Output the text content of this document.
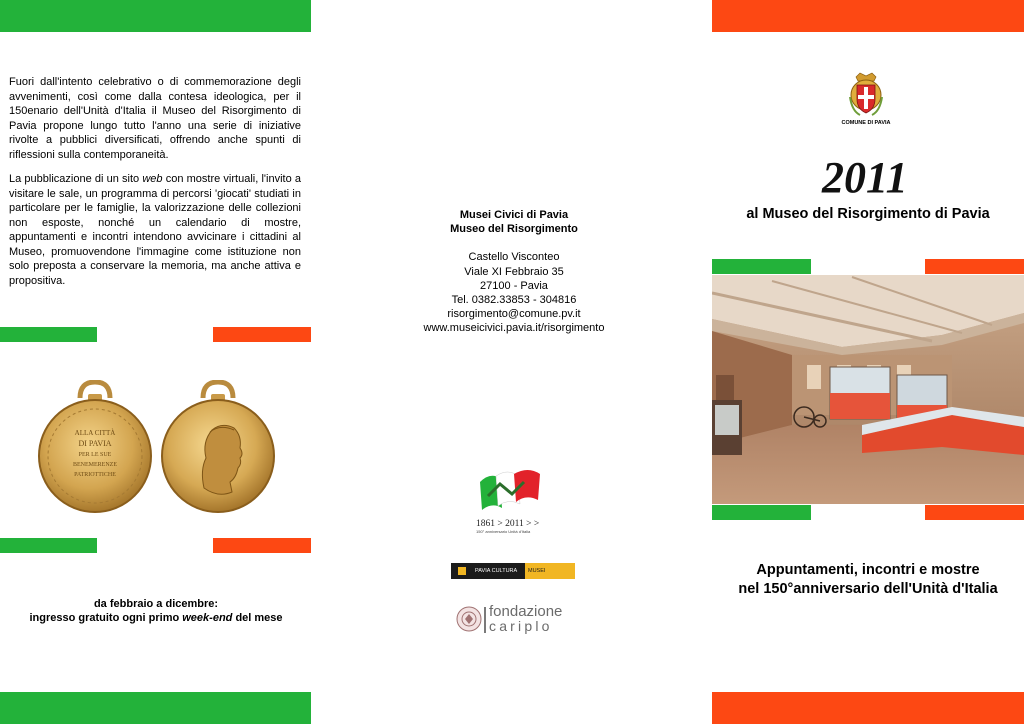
Fuori dall'intento celebrativo o di commemorazione degli avvenimenti, così come dalla contesa ideologica, per il 150enario dell'Unità d'Italia il Museo del Risorgimento di Pavia propone lungo tutto l'anno una serie di iniziative rivolte a pubblici diversificati, offrendo anche spunti di riflessioni sulla contemporaneità.
La pubblicazione di un sito web con mostre virtuali, l'invito a visitare le sale, un programma di percorsi 'giocati' studiati in particolare per le famiglie, la valorizzazione delle collezioni non esposte, nonché un calendario di mostre, appuntamenti e incontri intendono avvicinare i cittadini al Museo, promuovendone l'immagine come istituzione non solo preposta a conservare la memoria, ma anche attiva e propositiva.
ALLA CITTÀ
DI PAVIA
PER LE SUE
BENEMERENZE
PATRIOTTICHE
da febbraio a dicembre:
ingresso gratuito ogni primo week-end del mese
Musei Civici di Pavia
Museo del Risorgimento
Castello Visconteo
Viale XI Febbraio 35
27100 - Pavia
Tel. 0382.33853 - 304816
risorgimento@comune.pv.it
www.museicivici.pavia.it/risorgimento
1861 > 2011 > >
150° anniversario Unità d'Italia
PAVIA CULTURA	MUSEI
fondazione
cariplo
COMUNE DI PAVIA
2011
al Museo del Risorgimento di Pavia
Appuntamenti, incontri e mostre
nel 150°anniversario dell'Unità d'Italia
